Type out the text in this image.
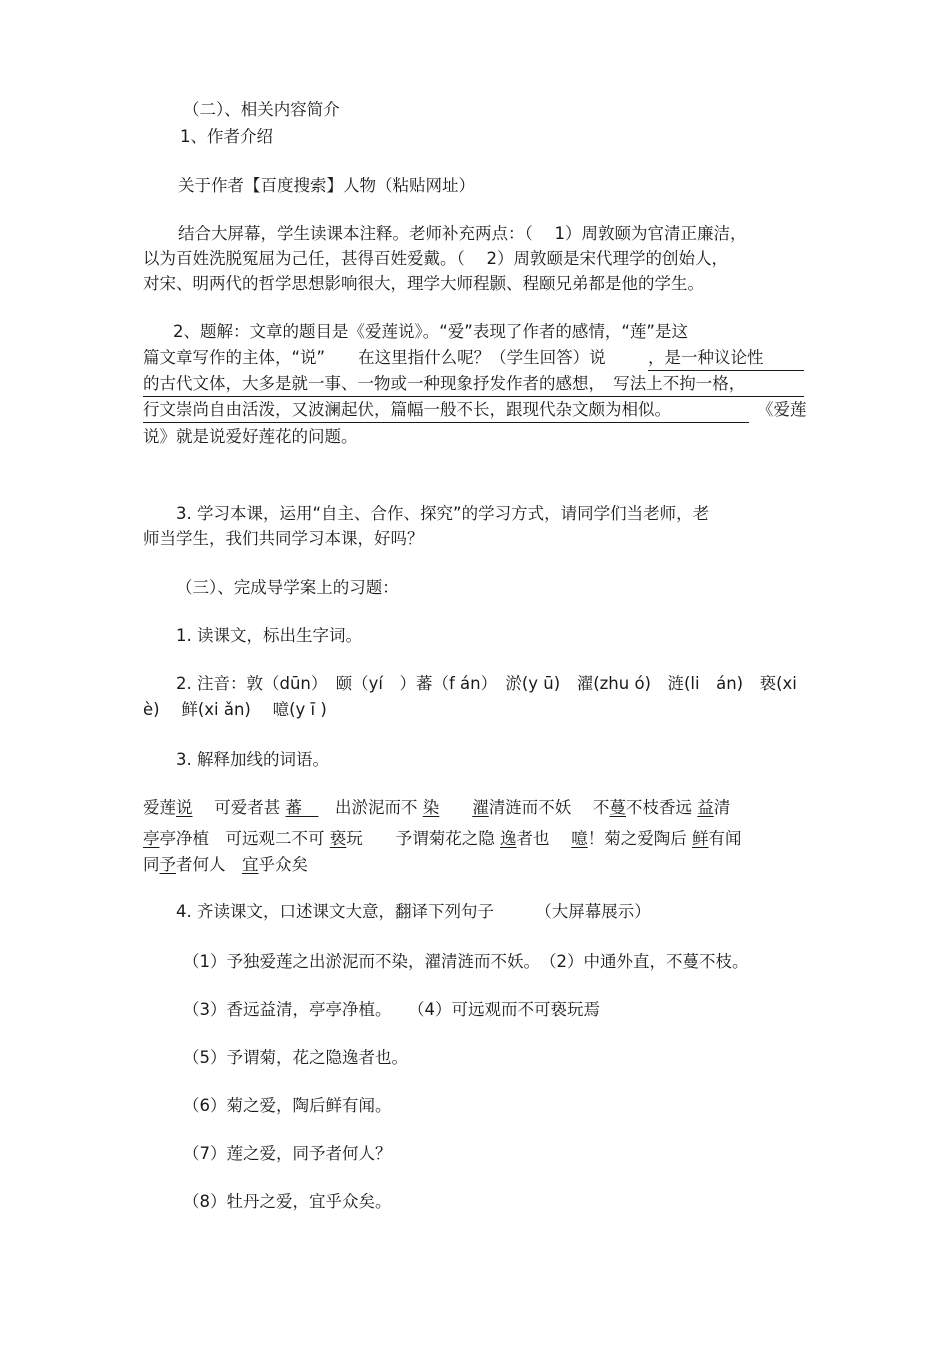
（二）、相关内容简介
1、作者介绍
关于作者【百度搜索】人物（粘贴网址）
结合大屏幕，学生读课本注释。老师补充两点：（　 1）周敦颐为官清正廉洁，
以为百姓洗脱冤屈为己任，甚得百姓爱戴。（　 2）周敦颐是宋代理学的创始人，
对宋、明两代的哲学思想影响很大，理学大师程颢、程颐兄弟都是他的学生。
2、题解：文章的题目是《爱莲说》。“爱”表现了作者的感情，“莲”是这
篇文章写作的主体，“说”　　在这里指什么呢？（学生回答）说	，是一种议论性
的古代文体，大多是就一事、一物或一种现象抒发作者的感想，　写法上不拘一格，
行文崇尚自由活泼，又波澜起伏，篇幅一般不长，跟现代杂文颇为相似。	《爱莲
说》就是说爱好莲花的问题。
3. 学习本课，运用“自主、合作、探究”的学习方式，请同学们当老师，老
师当学生，我们共同学习本课，好吗？
（三）、完成导学案上的习题：
1. 读课文，标出生字词。
2. 注音：敦（dūn）　颐（yí　）蕃（f án）　淤(y ū)　濯(zhu ó)　涟(li　án)　亵(xi
è)　 鲜(xi ǎn)　 噫(y ī )
3. 解释加线的词语。
爱莲说　 可爱者甚 蕃　　出淤泥而不 染　　 濯清涟而不妖　 不蔓不枝香远 益清
亭亭净植　可远观二不可 亵玩　　予谓菊花之隐 逸者也　 噫！菊之爱陶后 鲜有闻
同予者何人　宜乎众矣
4. 齐读课文，口述课文大意，翻译下列句子　　　（大屏幕展示）
（1）予独爱莲之出淤泥而不染，濯清涟而不妖。　（2）中通外直，不蔓不枝。
（3）香远益清，亭亭净植。　　（4）可远观而不可亵玩焉
（5）予谓菊，花之隐逸者也。
（6）菊之爱，陶后鲜有闻。
（7）莲之爱，同予者何人？
（8）牡丹之爱，宜乎众矣。
